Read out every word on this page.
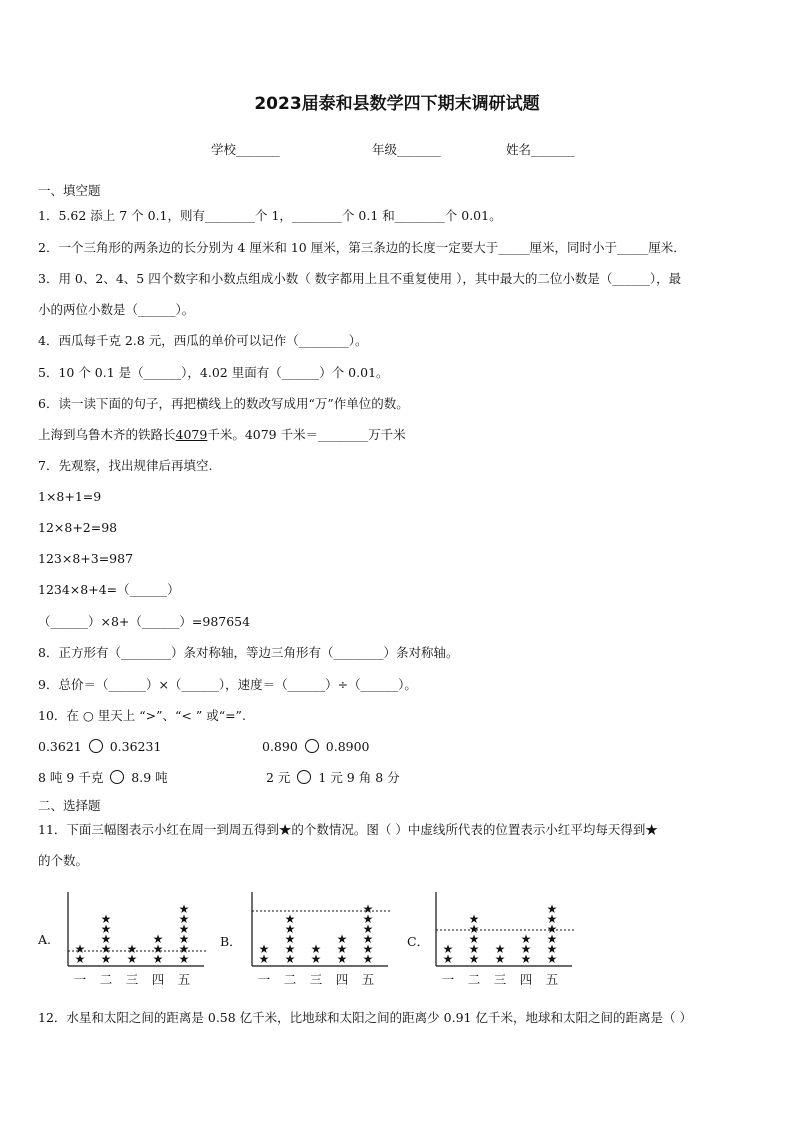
2023届泰和县数学四下期末调研试题
学校_______	年级_______	姓名_______
一、填空题
1．5.62 添上 7 个 0.1，则有________个 1，________个 0.1 和________个 0.01。
2．一个三角形的两条边的长分别为 4 厘米和 10 厘米，第三条边的长度一定要大于_____厘米，同时小于_____厘米．
3．用 0、2、4、5 四个数字和小数点组成小数（ 数字都用上且不重复使用 ），其中最大的二位小数是（______），最
小的两位小数是（______）。
4．西瓜每千克 2.8 元，西瓜的单价可以记作（________）。
5．10 个 0.1 是（______），4.02 里面有（______）个 0.01。
6．读一读下面的句子，再把横线上的数改写成用“万”作单位的数。
上海到乌鲁木齐的铁路长4079千米。4079 千米＝________万千米
7．先观察，找出规律后再填空.
1×8+1=9
12×8+2=98
123×8+3=987
1234×8+4=（______）
（______）×8+（______）=987654
8．正方形有（________）条对称轴，等边三角形有（________）条对称轴。
9．总价＝（______）×（______），速度＝（______）÷（______）。
10．在 ○ 里天上 “>”、“< ” 或“=”.
0.3621 0.36231	0.890 0.8900
8 吨 9 千克 8.9 吨	2 元 1 元 9 角 8 分
二、选择题
11．下面三幅图表示小红在周一到周五得到★的个数情况。图（ ）中虚线所代表的位置表示小红平均每天得到★
的个数。
A.	B．	C．
★
★
一
★
★
★
★
★
二
★
★
三
★
★
★
四
★
★
★
★
★
★
五
★
★
一
★
★
★
★
★
二
★
★
三
★
★
★
四
★
★
★
★
★
★
五
★
★
一
★
★
★
★
★
二
★
★
三
★
★
★
四
★
★
★
★
★
★
五
12．水星和太阳之间的距离是 0.58 亿千米，比地球和太阳之间的距离少 0.91 亿千米，地球和太阳之间的距离是（ ）
